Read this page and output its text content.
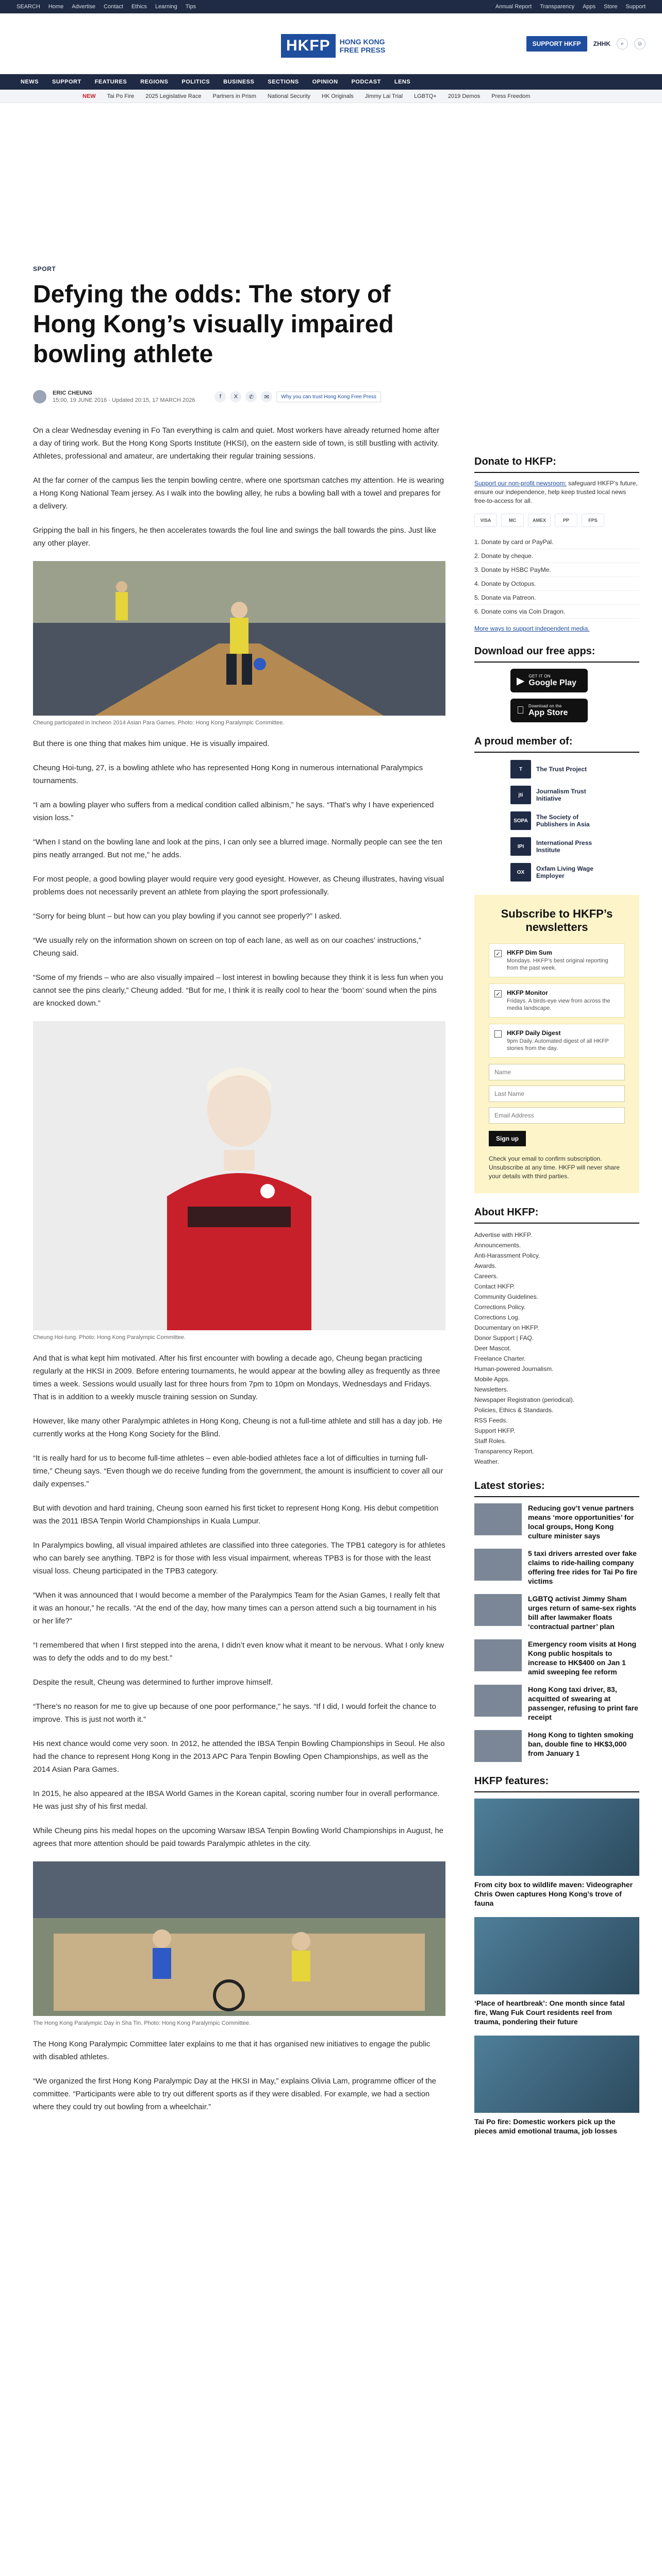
SEARCH Home Advertise Contact Ethics Learning Tips	Annual Report Transparency Apps Store Support
HKFP	HONG KONG FREE PRESS
SUPPORT HKFP	ZHHK	⌕	☺
NEWS SUPPORT FEATURES REGIONS POLITICS BUSINESS SECTIONS OPINION PODCAST LENS
NEW Tai Po Fire 2025 Legislative Race Partners in Prism National Security HK Originals Jimmy Lai Trial LGBTQ+ 2019 Demos Press Freedom
SPORT
Defying the odds: The story of Hong Kong’s visually impaired bowling athlete
ERIC CHEUNG
15:00, 19 JUNE 2016 · Updated 20:15, 17 MARCH 2026
f	X	✆	✉	Why you can trust Hong Kong Free Press

On a clear Wednesday evening in Fo Tan everything is calm and quiet. Most workers have already returned home after a day of tiring work. But the Hong Kong Sports Institute (HKSI), on the eastern side of town, is still bustling with activity. Athletes, professional and amateur, are undertaking their regular training sessions.

At the far corner of the campus lies the tenpin bowling centre, where one sportsman catches my attention. He is wearing a Hong Kong National Team jersey. As I walk into the bowling alley, he rubs a bowling ball with a towel and prepares for a delivery.

Gripping the ball in his fingers, he then accelerates towards the foul line and swings the ball towards the pins. Just like any other player.

Cheung participated in Incheon 2014 Asian Para Games. Photo: Hong Kong Paralympic Committee.

But there is one thing that makes him unique. He is visually impaired.

Cheung Hoi-tung, 27, is a bowling athlete who has represented Hong Kong in numerous international Paralympics tournaments.

“I am a bowling player who suffers from a medical condition called albinism,” he says. “That’s why I have experienced vision loss.”

“When I stand on the bowling lane and look at the pins, I can only see a blurred image. Normally people can see the ten pins neatly arranged. But not me,” he adds.

For most people, a good bowling player would require very good eyesight. However, as Cheung illustrates, having visual problems does not necessarily prevent an athlete from playing the sport professionally.

“Sorry for being blunt – but how can you play bowling if you cannot see properly?” I asked.

“We usually rely on the information shown on screen on top of each lane, as well as on our coaches’ instructions,” Cheung said.

“Some of my friends – who are also visually impaired – lost interest in bowling because they think it is less fun when you cannot see the pins clearly,” Cheung added. “But for me, I think it is really cool to hear the ‘boom’ sound when the pins are knocked down.”

Cheung Hoi-tung. Photo: Hong Kong Paralympic Committee.

And that is what kept him motivated. After his first encounter with bowling a decade ago, Cheung began practicing regularly at the HKSI in 2009. Before entering tournaments, he would appear at the bowling alley as frequently as three times a week. Sessions would usually last for three hours from 7pm to 10pm on Mondays, Wednesdays and Fridays. That is in addition to a weekly muscle training session on Sunday.

However, like many other Paralympic athletes in Hong Kong, Cheung is not a full-time athlete and still has a day job. He currently works at the Hong Kong Society for the Blind.

“It is really hard for us to become full-time athletes – even able-bodied athletes face a lot of difficulties in turning full-time,” Cheung says. “Even though we do receive funding from the government, the amount is insufficient to cover all our daily expenses.”

But with devotion and hard training, Cheung soon earned his first ticket to represent Hong Kong. His debut competition was the 2011 IBSA Tenpin World Championships in Kuala Lumpur.

In Paralympics bowling, all visual impaired athletes are classified into three categories. The TPB1 category is for athletes who can barely see anything. TBP2 is for those with less visual impairment, whereas TPB3 is for those with the least visual loss. Cheung participated in the TPB3 category.

“When it was announced that I would become a member of the Paralympics Team for the Asian Games, I really felt that it was an honour,” he recalls. “At the end of the day, how many times can a person attend such a big tournament in his or her life?”

“I remembered that when I first stepped into the arena, I didn’t even know what it meant to be nervous. What I only knew was to defy the odds and to do my best.”

Despite the result, Cheung was determined to further improve himself.

“There’s no reason for me to give up because of one poor performance,” he says. “If I did, I would forfeit the chance to improve. This is just not worth it.”

His next chance would come very soon. In 2012, he attended the IBSA Tenpin Bowling Championships in Seoul. He also had the chance to represent Hong Kong in the 2013 APC Para Tenpin Bowling Open Championships, as well as the 2014 Asian Para Games.

In 2015, he also appeared at the IBSA World Games in the Korean capital, scoring number four in overall performance. He was just shy of his first medal.

While Cheung pins his medal hopes on the upcoming Warsaw IBSA Tenpin Bowling World Championships in August, he agrees that more attention should be paid towards Paralympic athletes in the city.

The Hong Kong Paralympic Day in Sha Tin. Photo: Hong Kong Paralympic Committee.

The Hong Kong Paralympic Committee later explains to me that it has organised new initiatives to engage the public with disabled athletes.

“We organized the first Hong Kong Paralympic Day at the HKSI in May,” explains Olivia Lam, programme officer of the committee. “Participants were able to try out different sports as if they were disabled. For example, we had a section where they could try out bowling from a wheelchair.”

Donate to HKFP:

Support our non-profit newsroom: safeguard HKFP’s future, ensure our independence, help keep trusted local news free-to-access for all.

VISA	MC	AMEX	PP	FPS
1. Donate by card or PayPal.
2. Donate by cheque.
3. Donate by HSBC PayMe.
4. Donate by Octopus.
5. Donate via Patreon.
6. Donate coins via Coin Dragon.
More ways to support independent media.
Download our free apps:
▶ GET IT ON
Google Play
Download on the
App Store
A proud member of:
T	The Trust Project
jti	Journalism Trust Initiative
SOPA	The Society of Publishers in Asia
IPI	International Press Institute
OX	Oxfam Living Wage Employer
Subscribe to HKFP’s newsletters
✓ HKFP Dim Sum
Mondays. HKFP’s best original reporting from the past week.
✓ HKFP Monitor
Fridays. A birds-eye view from across the media landscape.
HKFP Daily Digest
9pm Daily. Automated digest of all HKFP stories from the day.
Name
Last Name
Email Address
Sign up

Check your email to confirm subscription. Unsubscribe at any time. HKFP will never share your details with third parties.

About HKFP:
Advertise with HKFP.
Announcements.
Anti-Harassment Policy.
Awards.
Careers.
Contact HKFP.
Community Guidelines.
Corrections Policy.
Corrections Log.
Documentary on HKFP.
Donor Support | FAQ.
Deer Mascot.
Freelance Charter.
Human-powered Journalism.
Mobile Apps.
Newsletters.
Newspaper Registration (periodical).
Policies, Ethics & Standards.
RSS Feeds.
Support HKFP.
Staff Roles.
Transparency Report.
Weather.
Latest stories:
Reducing gov’t venue partners means ‘more opportunities’ for local groups, Hong Kong culture minister says
5 taxi drivers arrested over fake claims to ride-hailing company offering free rides for Tai Po fire victims
LGBTQ activist Jimmy Sham urges return of same-sex rights bill after lawmaker floats ‘contractual partner’ plan
Emergency room visits at Hong Kong public hospitals to increase to HK$400 on Jan 1 amid sweeping fee reform
Hong Kong taxi driver, 83, acquitted of swearing at passenger, refusing to print fare receipt
Hong Kong to tighten smoking ban, double fine to HK$3,000 from January 1
HKFP features:
From city box to wildlife maven: Videographer Chris Owen captures Hong Kong’s trove of fauna
‘Place of heartbreak’: One month since fatal fire, Wang Fuk Court residents reel from trauma, pondering their future
Tai Po fire: Domestic workers pick up the pieces amid emotional trauma, job losses
